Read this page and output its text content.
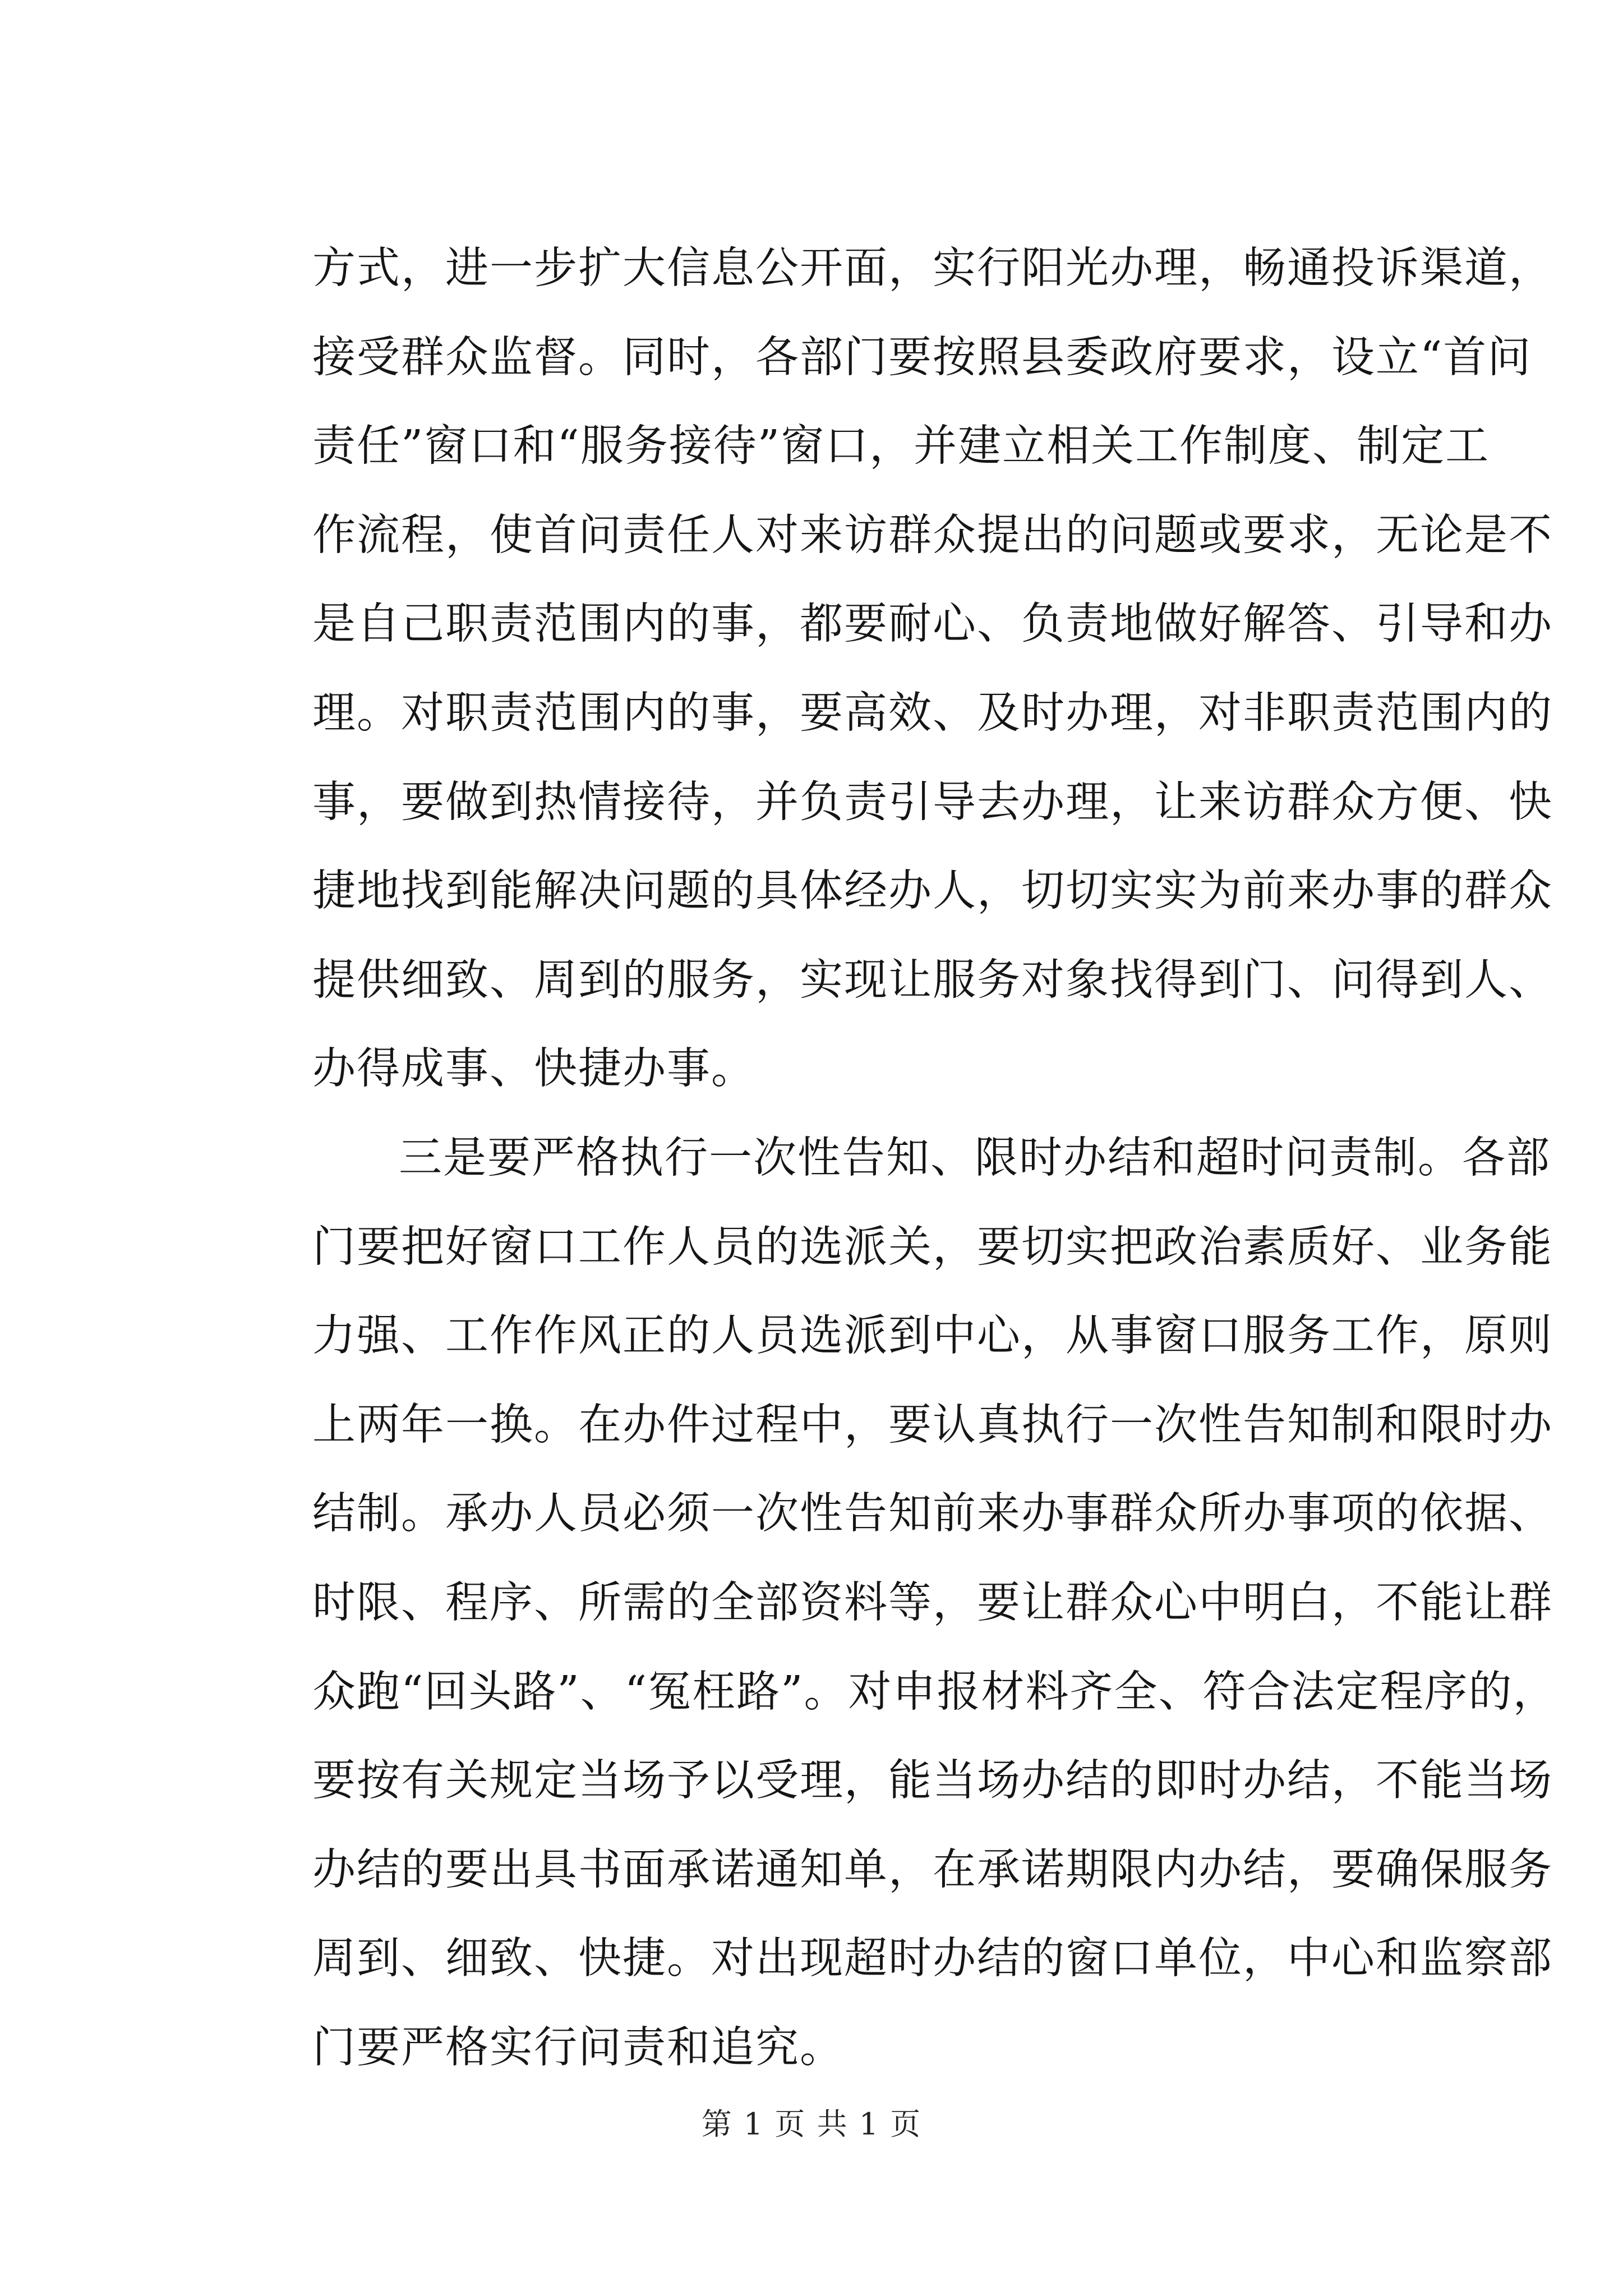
方式，进一步扩大信息公开面，实行阳光办理，畅通投诉渠道，
接受群众监督。同时，各部门要按照县委政府要求，设立“首问
责任”窗口和“服务接待”窗口，并建立相关工作制度、制定工
作流程，使首问责任人对来访群众提出的问题或要求，无论是不
是自己职责范围内的事，都要耐心、负责地做好解答、引导和办
理。对职责范围内的事，要高效、及时办理，对非职责范围内的
事，要做到热情接待，并负责引导去办理，让来访群众方便、快
捷地找到能解决问题的具体经办人，切切实实为前来办事的群众
提供细致、周到的服务，实现让服务对象找得到门、问得到人、
办得成事、快捷办事。
三是要严格执行一次性告知、限时办结和超时问责制。各部
门要把好窗口工作人员的选派关，要切实把政治素质好、业务能
力强、工作作风正的人员选派到中心，从事窗口服务工作，原则
上两年一换。在办件过程中，要认真执行一次性告知制和限时办
结制。承办人员必须一次性告知前来办事群众所办事项的依据、
时限、程序、所需的全部资料等，要让群众心中明白，不能让群
众跑“回头路”、“冤枉路”。对申报材料齐全、符合法定程序的，
要按有关规定当场予以受理，能当场办结的即时办结，不能当场
办结的要出具书面承诺通知单，在承诺期限内办结，要确保服务
周到、细致、快捷。对出现超时办结的窗口单位，中心和监察部
门要严格实行问责和追究。
第 1 页 共 1 页
